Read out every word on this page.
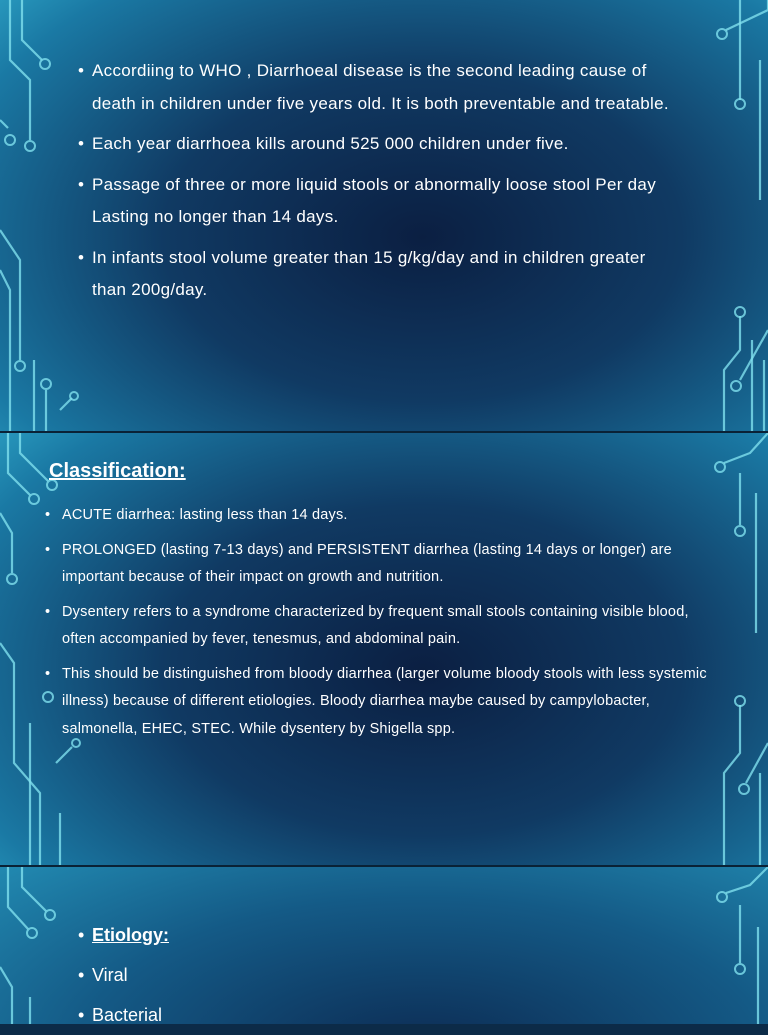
• Accordiing to WHO , Diarrhoeal disease is the second leading cause of death in children under five years old. It is both preventable and treatable.
• Each year diarrhoea kills around 525 000 children under five.
• Passage of three or more liquid stools or abnormally loose stool Per day Lasting no longer than 14 days.
• In infants stool volume greater than 15 g/kg/day and in children greater than 200g/day.
Classification:
• ACUTE diarrhea: lasting less than 14 days.
• PROLONGED (lasting 7-13 days) and PERSISTENT diarrhea (lasting 14 days or longer) are important because of their impact on growth and nutrition.
• Dysentery refers to a syndrome characterized by frequent small stools containing visible blood, often accompanied by fever, tenesmus, and abdominal pain.
• This should be distinguished from bloody diarrhea (larger volume bloody stools with less systemic illness) because of different etiologies. Bloody diarrhea maybe caused by campylobacter, salmonella, EHEC, STEC. While dysentery by Shigella spp.
• Etiology:
• Viral
• Bacterial
